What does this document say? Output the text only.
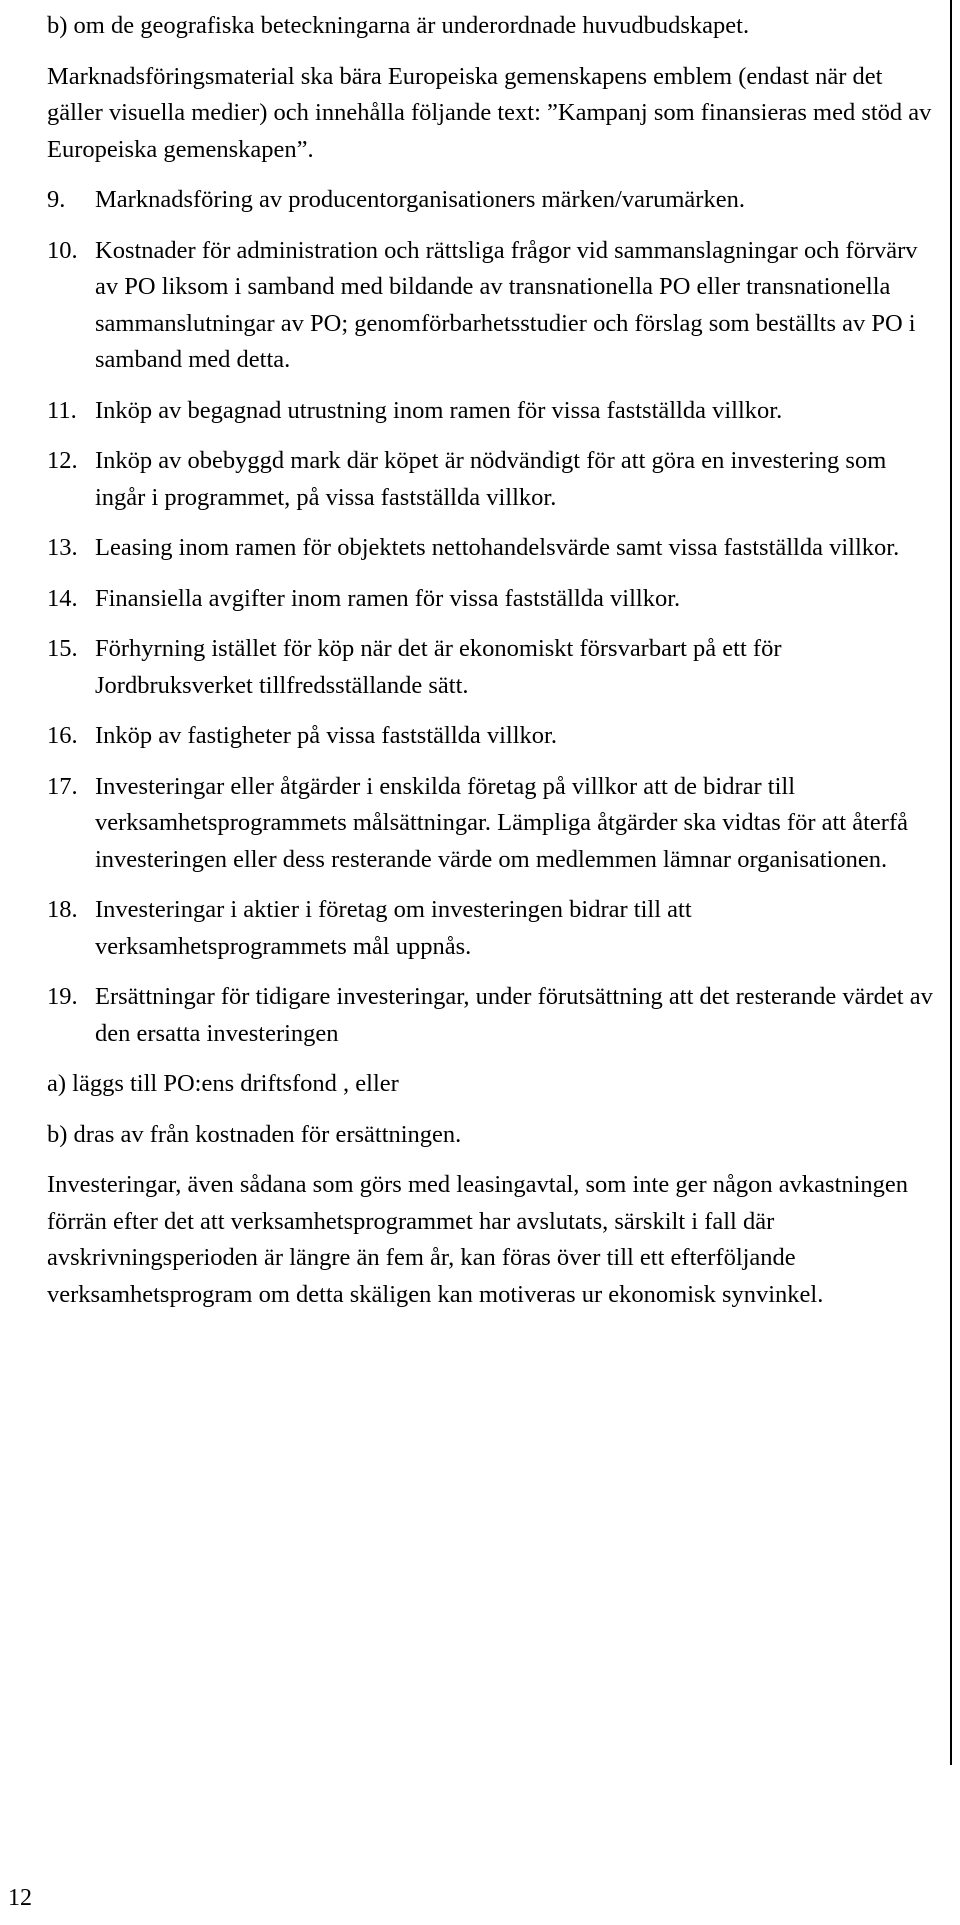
b) om de geografiska beteckningarna är underordnade huvudbudskapet.

Marknadsföringsmaterial ska bära Europeiska gemenskapens emblem (endast när det gäller visuella medier) och innehålla följande text: ”Kampanj som finansieras med stöd av Europeiska gemenskapen”.

9.	Marknadsföring av producentorganisationers märken/varumärken.
10. Kostnader för administration och rättsliga frågor vid sammanslagningar och förvärv av PO liksom i samband med bildande av transnationella PO eller transnationella sammanslutningar av PO; genomförbarhetsstudier och förslag som beställts av PO i samband med detta.
11. Inköp av begagnad utrustning inom ramen för vissa fastställda villkor.
12. Inköp av obebyggd mark där köpet är nödvändigt för att göra en investering som ingår i programmet, på vissa fastställda villkor.
13. Leasing inom ramen för objektets nettohandelsvärde samt vissa fastställda villkor.
14. Finansiella avgifter inom ramen för vissa fastställda villkor.
15. Förhyrning istället för köp när det är ekonomiskt försvarbart på ett för Jordbruksverket tillfredsställande sätt.
16. Inköp av fastigheter på vissa fastställda villkor.
17. Investeringar eller åtgärder i enskilda företag på villkor att de bidrar till verksamhetsprogrammets målsättningar. Lämpliga åtgärder ska vidtas för att återfå investeringen eller dess resterande värde om medlemmen lämnar organisationen.
18. Investeringar i aktier i företag om investeringen bidrar till att verksamhetsprogrammets mål uppnås.
19. Ersättningar för tidigare investeringar, under förutsättning att det resterande värdet av den ersatta investeringen

a) läggs till PO:ens driftsfond , eller

b) dras av från kostnaden för ersättningen.

Investeringar, även sådana som görs med leasingavtal, som inte ger någon avkastningen förrän efter det att verksamhetsprogrammet har avslutats, särskilt i fall där avskrivningsperioden är längre än fem år, kan föras över till ett efterföljande verksamhetsprogram om detta skäligen kan motiveras ur ekonomisk synvinkel.

12
